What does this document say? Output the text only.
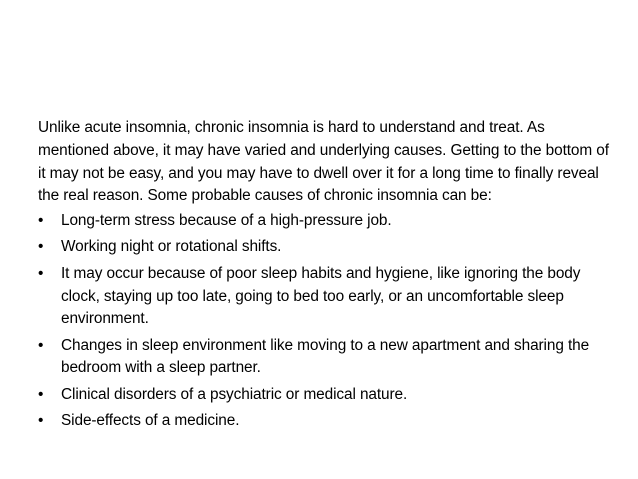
Unlike acute insomnia, chronic insomnia is hard to understand and treat. As mentioned above, it may have varied and underlying causes. Getting to the bottom of it may not be easy, and you may have to dwell over it for a long time to finally reveal the real reason. Some probable causes of chronic insomnia can be:

• Long-term stress because of a high-pressure job.
• Working night or rotational shifts.
• It may occur because of poor sleep habits and hygiene, like ignoring the body clock, staying up too late, going to bed too early, or an uncomfortable sleep environment.
• Changes in sleep environment like moving to a new apartment and sharing the bedroom with a sleep partner.
• Clinical disorders of a psychiatric or medical nature.
• Side-effects of a medicine.
